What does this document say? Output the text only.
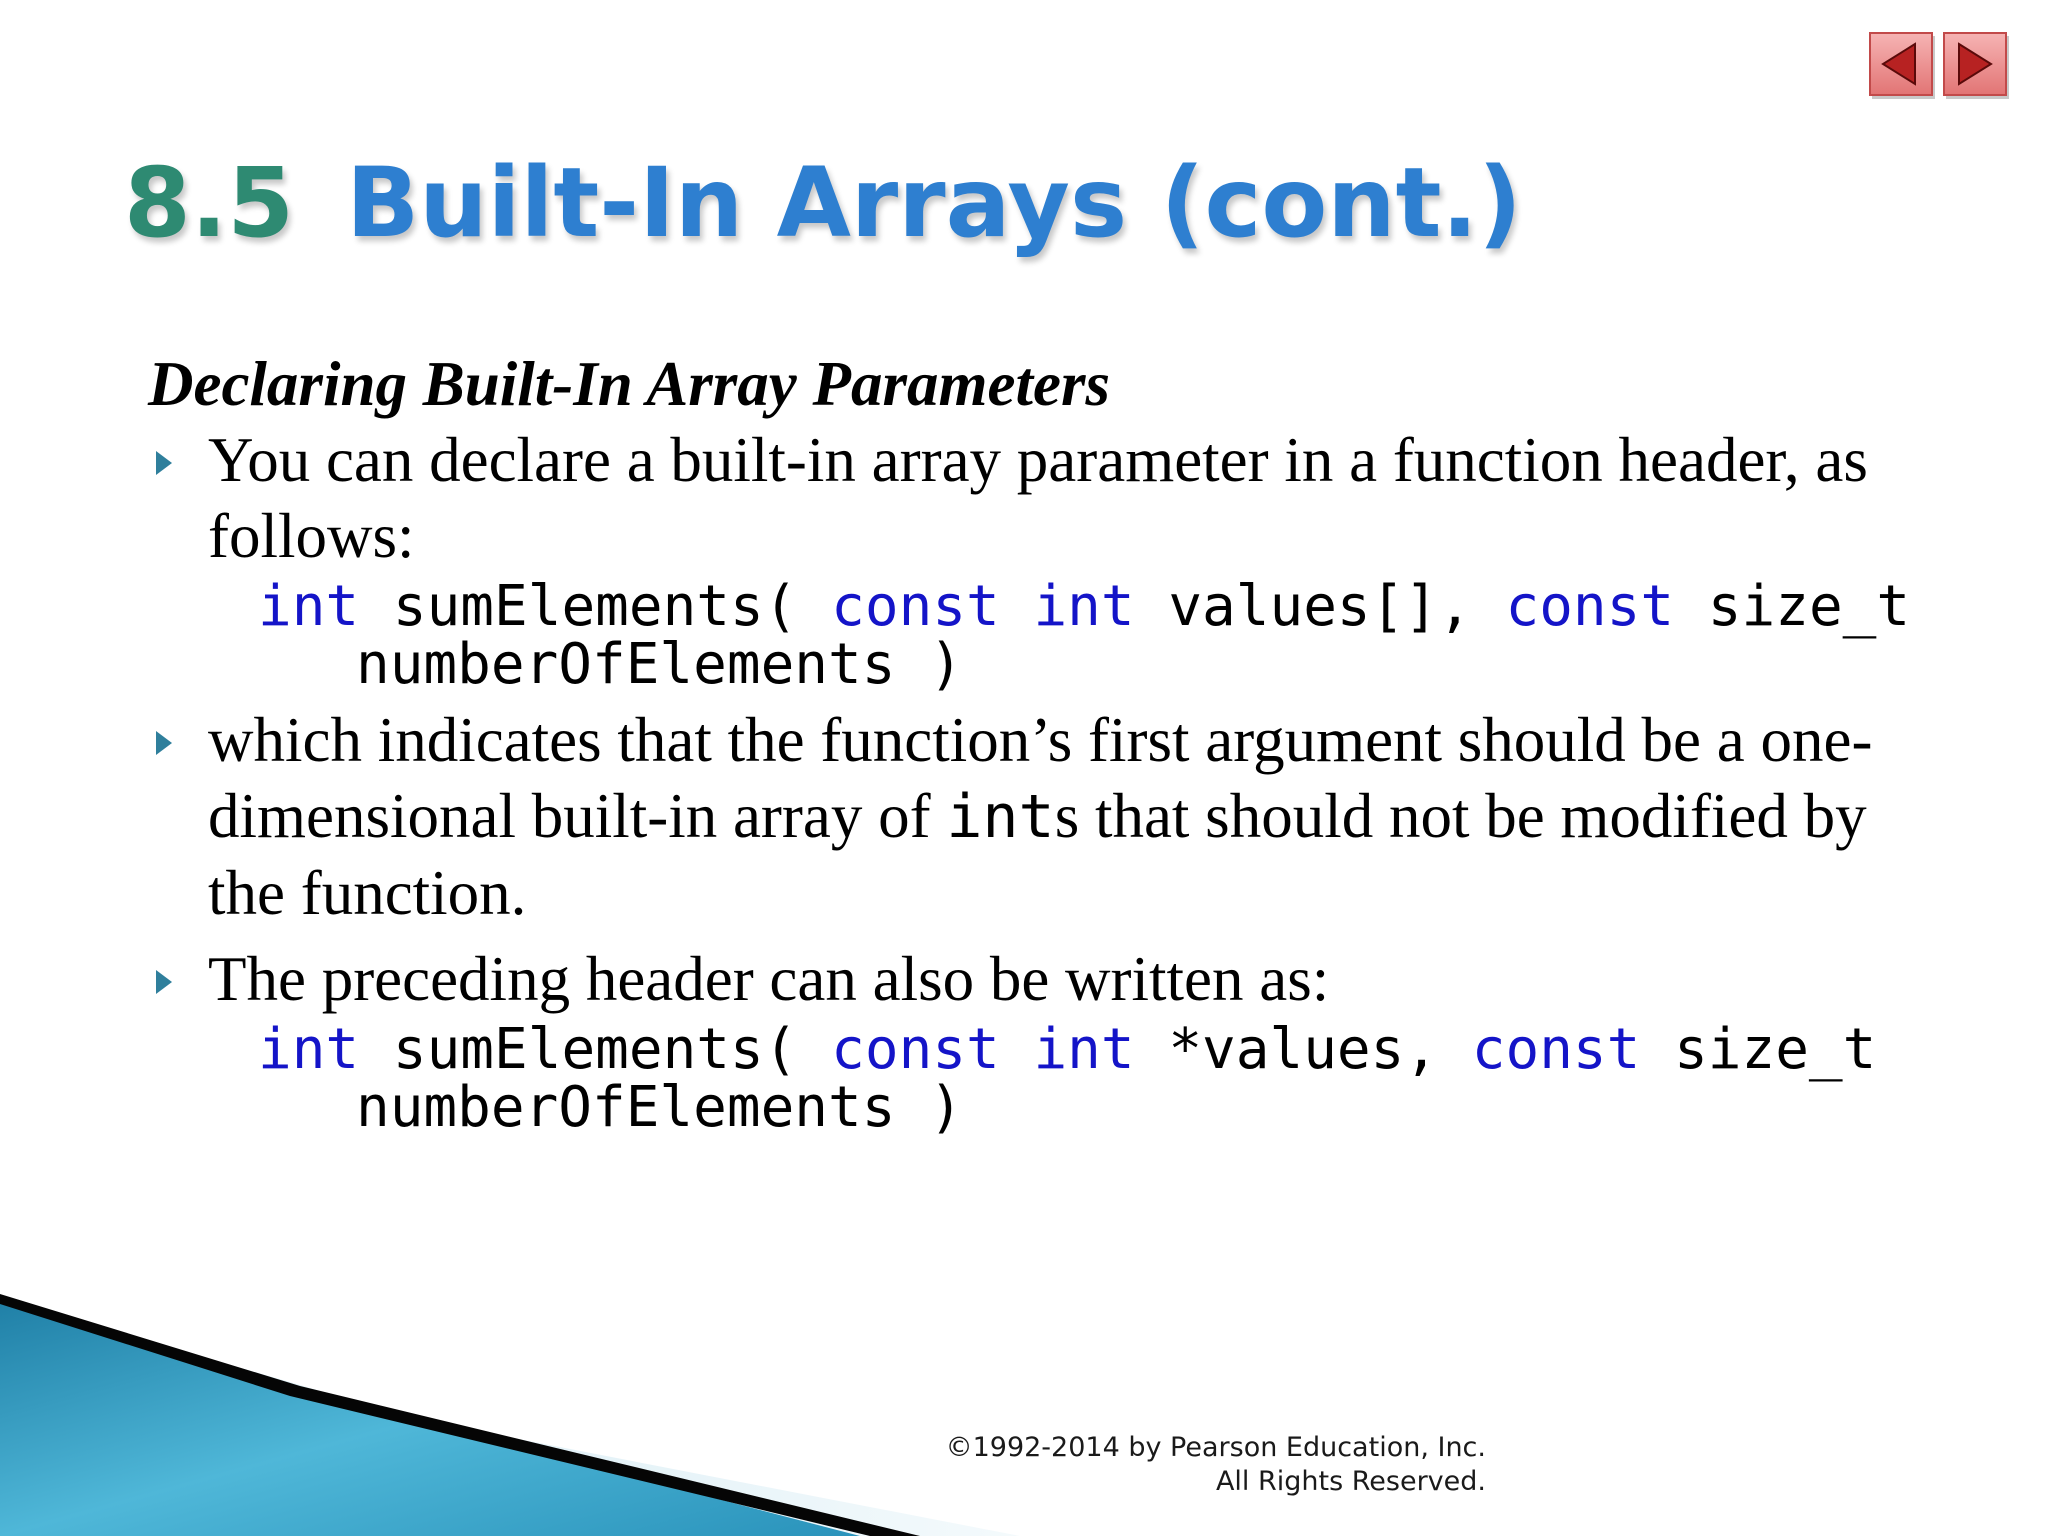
8.5 Built-In Arrays (cont.)
Declaring Built-In Array Parameters
You can declare a built-in array parameter in a function header, as follows:
int sumElements( const int values[], const size_t
numberOfElements )
which indicates that the function’s first argument should be a one-dimensional built-in array of ints that should not be modified by the function.
The preceding header can also be written as:
int sumElements( const int *values, const size_t
numberOfElements )
©1992-2014 by Pearson Education, Inc.
All Rights Reserved.
